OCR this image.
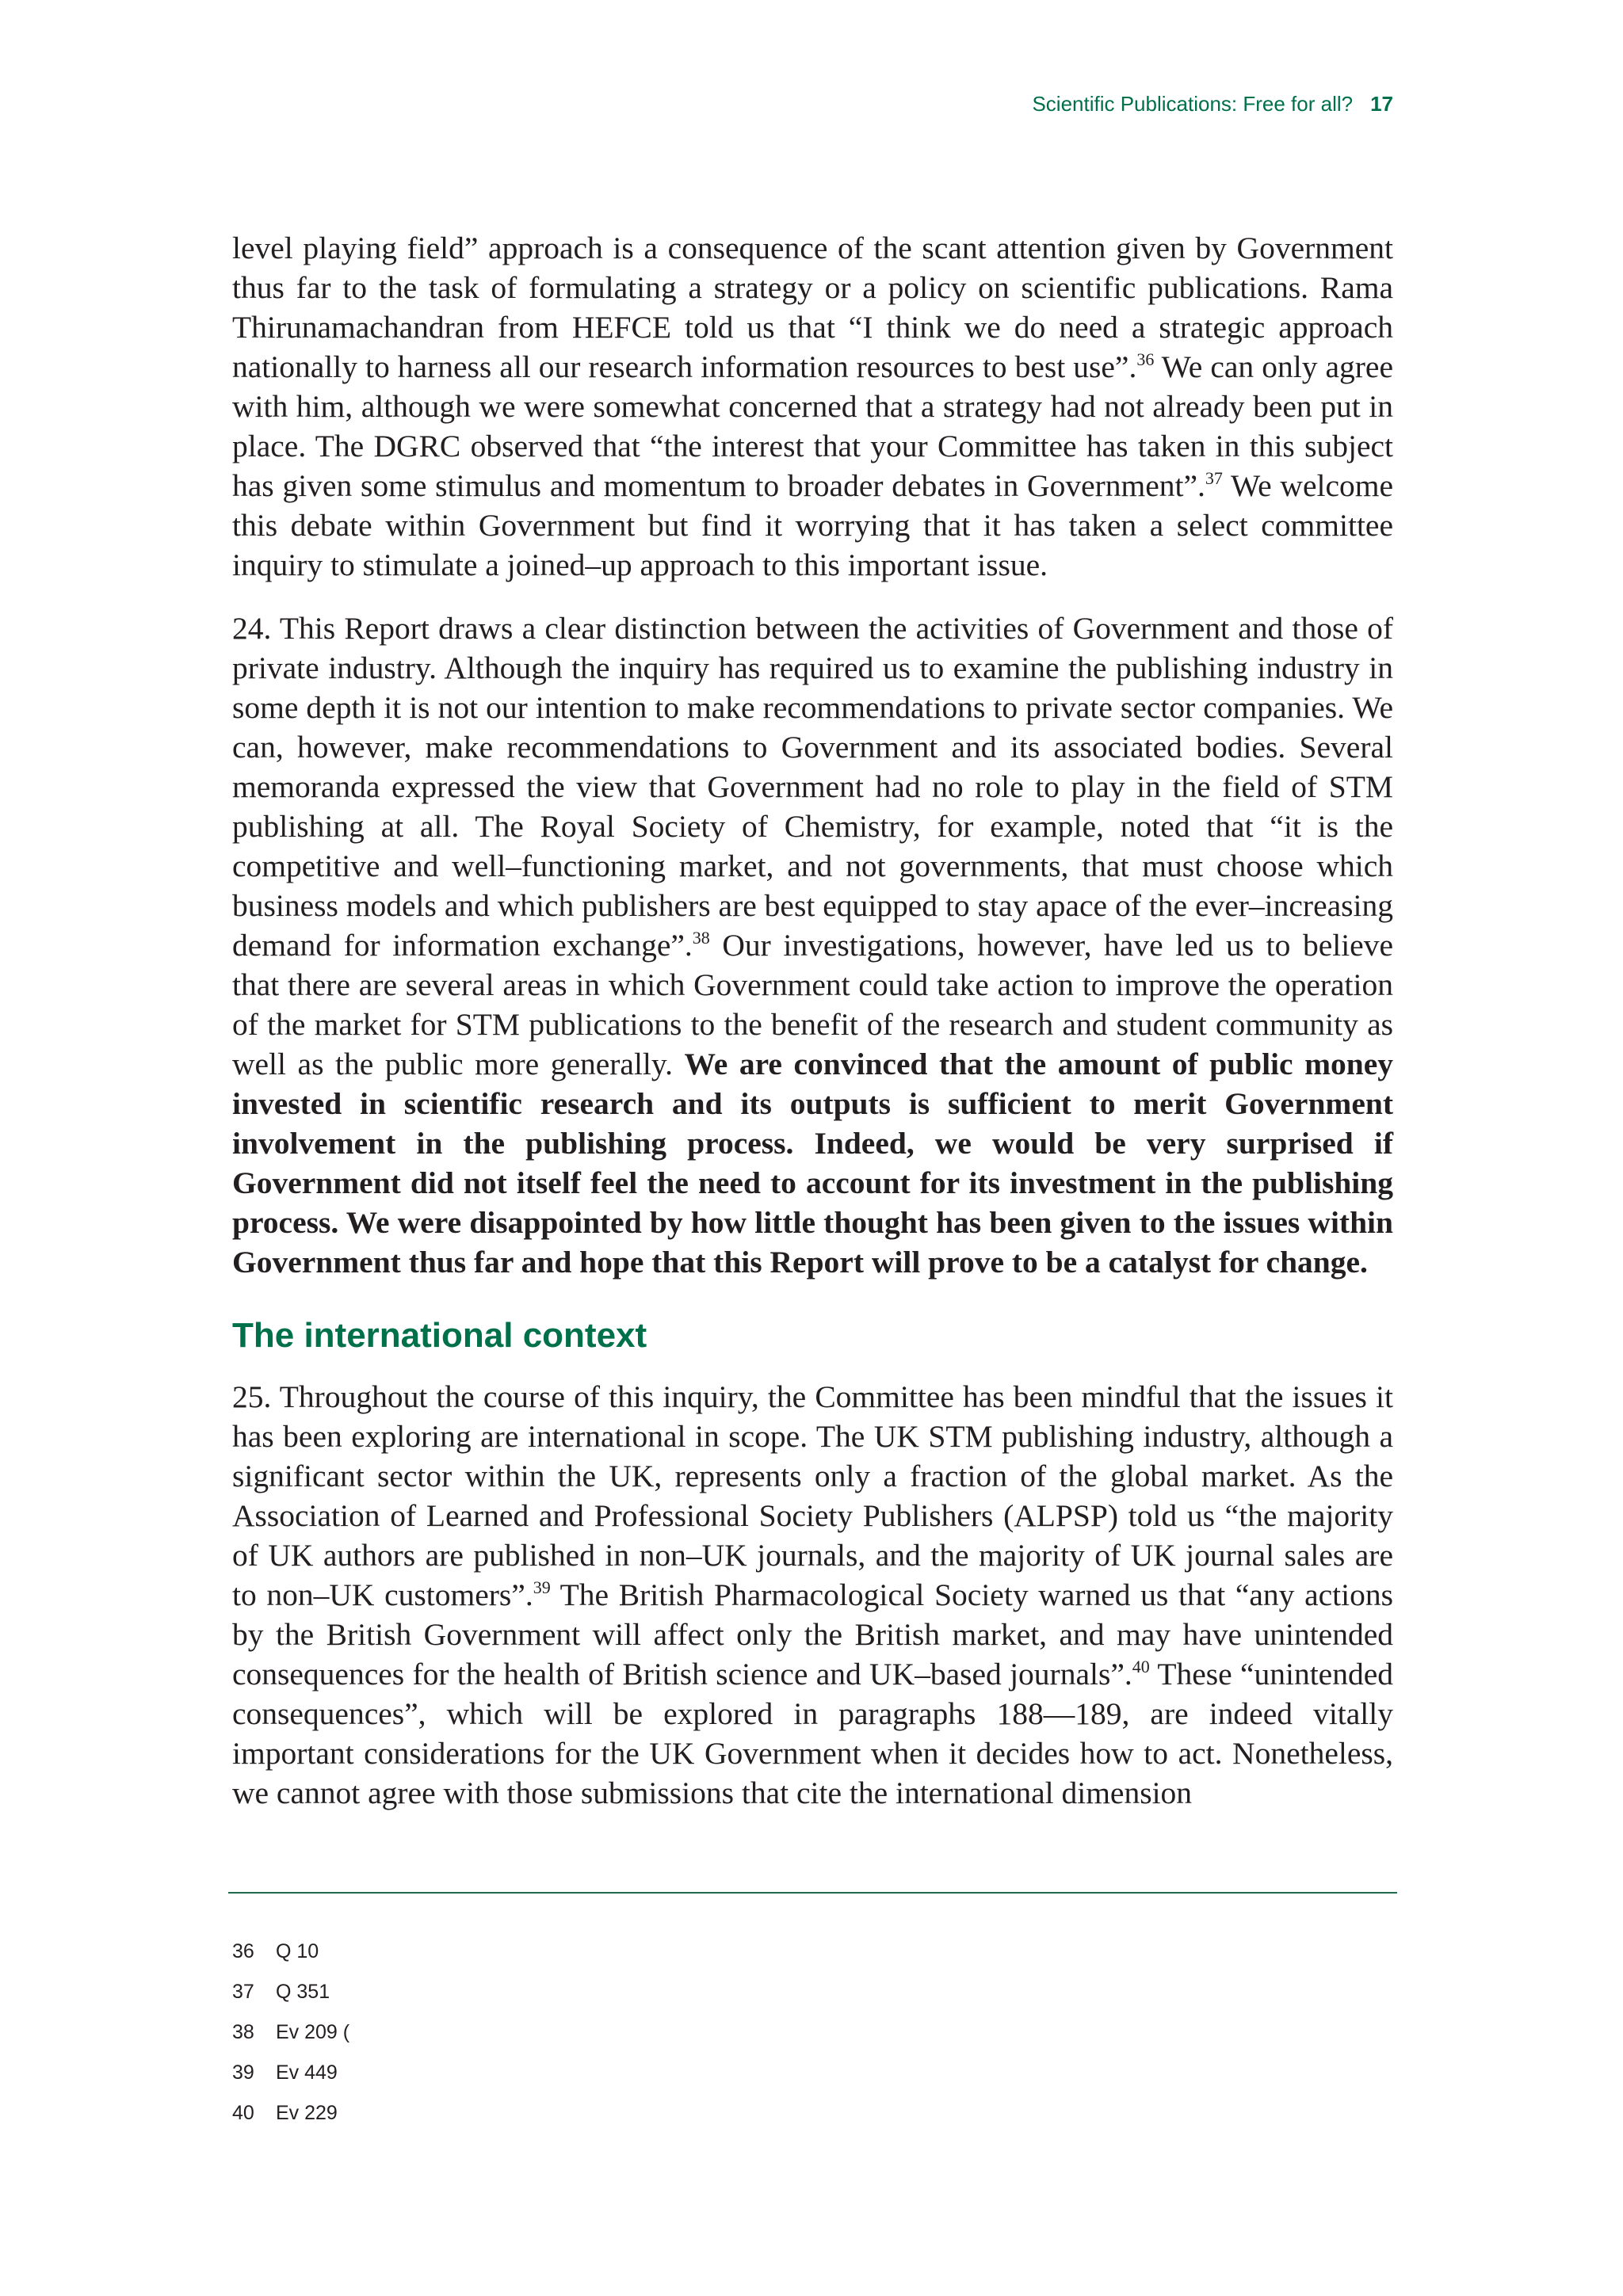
Scientific Publications: Free for all? 17

level playing field” approach is a consequence of the scant attention given by Government thus far to the task of formulating a strategy or a policy on scientific publications. Rama Thirunamachandran from HEFCE told us that “I think we do need a strategic approach nationally to harness all our research information resources to best use”.$^{36}$ We can only agree with him, although we were somewhat concerned that a strategy had not already been put in place. The DGRC observed that “the interest that your Committee has taken in this subject has given some stimulus and momentum to broader debates in Government”.$^{37}$ We welcome this debate within Government but find it worrying that it has taken a select committee inquiry to stimulate a joined–up approach to this important issue.

24. This Report draws a clear distinction between the activities of Government and those of private industry. Although the inquiry has required us to examine the publishing industry in some depth it is not our intention to make recommendations to private sector companies. We can, however, make recommendations to Government and its associated bodies. Several memoranda expressed the view that Government had no role to play in the field of STM publishing at all. The Royal Society of Chemistry, for example, noted that “it is the competitive and well–functioning market, and not governments, that must choose which business models and which publishers are best equipped to stay apace of the ever–increasing demand for information exchange”.$^{38}$ Our investigations, however, have led us to believe that there are several areas in which Government could take action to improve the operation of the market for STM publications to the benefit of the research and student community as well as the public more generally. We are convinced that the amount of public money invested in scientific research and its outputs is sufficient to merit Government involvement in the publishing process. Indeed, we would be very surprised if Government did not itself feel the need to account for its investment in the publishing process. We were disappointed by how little thought has been given to the issues within Government thus far and hope that this Report will prove to be a catalyst for change.

The international context

25. Throughout the course of this inquiry, the Committee has been mindful that the issues it has been exploring are international in scope. The UK STM publishing industry, although a significant sector within the UK, represents only a fraction of the global market. As the Association of Learned and Professional Society Publishers (ALPSP) told us “the majority of UK authors are published in non–UK journals, and the majority of UK journal sales are to non–UK customers”.$^{39}$ The British Pharmacological Society warned us that “any actions by the British Government will affect only the British market, and may have unintended consequences for the health of British science and UK–based journals”.$^{40}$ These “unintended consequences”, which will be explored in paragraphs 188—189, are indeed vitally important considerations for the UK Government when it decides how to act. Nonetheless, we cannot agree with those submissions that cite the international dimension

36 Q 10
37 Q 351
38 Ev 209 (
39 Ev 449
40 Ev 229
